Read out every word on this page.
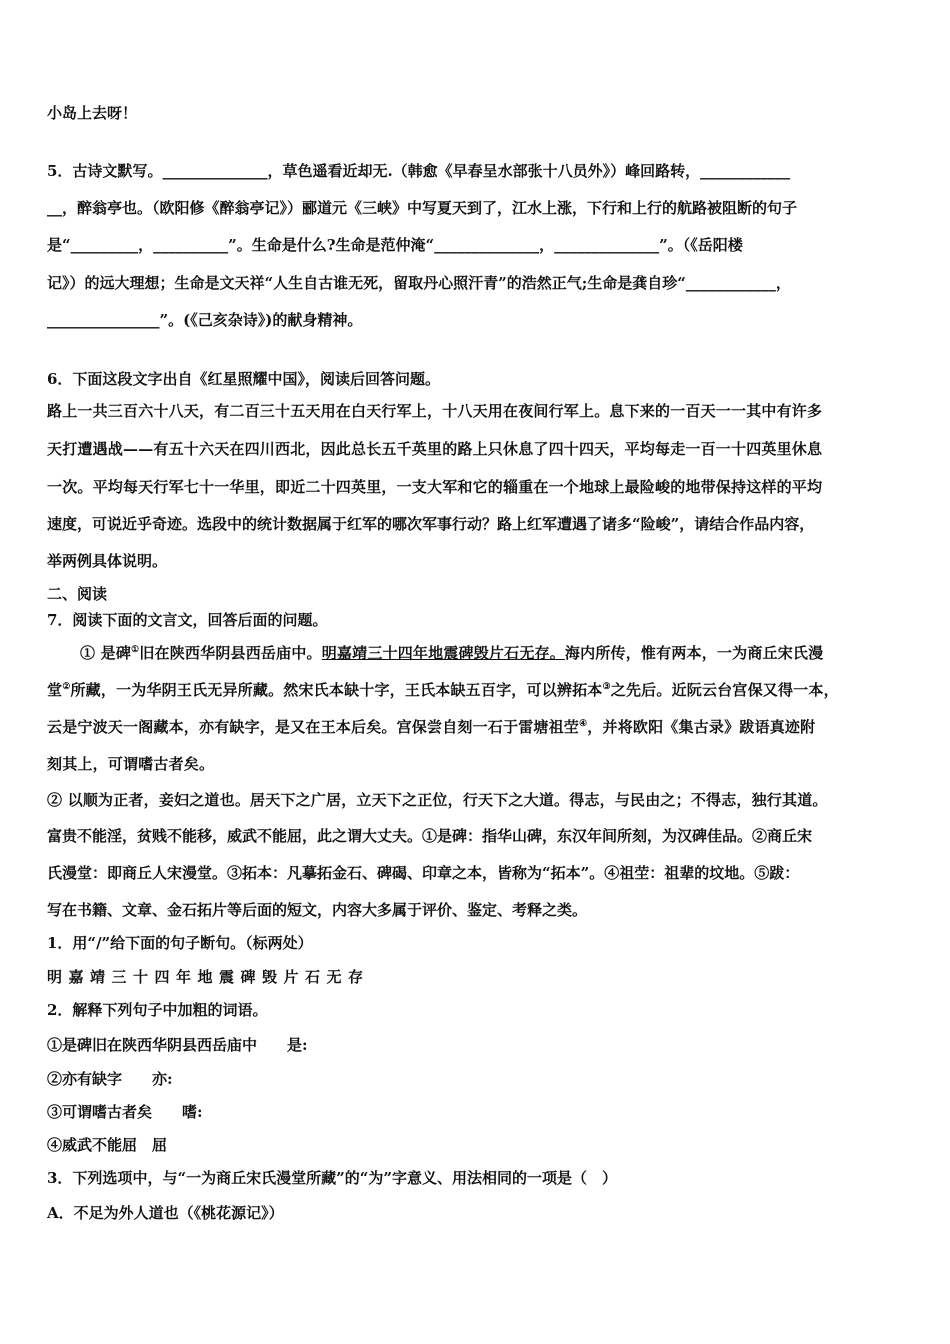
小岛上去呀！
5．古诗文默写。______________，草色遥看近却无.（韩愈《早春呈水部张十八员外》）峰回路转，____________
__，醉翁亭也。（欧阳修《醉翁亭记》）郦道元《三峡》中写夏天到了，江水上涨，下行和上行的航路被阻断的句子
是“_________，__________”。生命是什么?生命是范仲淹“______________，______________”。（《岳阳楼
记》）的远大理想；生命是文天祥“人生自古谁无死，留取丹心照汗青”的浩然正气;生命是龚自珍“____________，
_______________”。(《己亥杂诗》)的献身精神。
6．下面这段文字出自《红星照耀中国》，阅读后回答问题。
路上一共三百六十八天，有二百三十五天用在白天行军上，十八天用在夜间行军上。息下来的一百天一一其中有许多
天打遭遇战——有五十六天在四川西北，因此总长五千英里的路上只休息了四十四天，平均每走一百一十四英里休息
一次。平均每天行军七十一华里，即近二十四英里，一支大军和它的辎重在一个地球上最险峻的地带保持这样的平均
速度，可说近乎奇迹。选段中的统计数据属于红军的哪次军事行动？路上红军遭遇了诸多“险峻”，请结合作品内容，
举两例具体说明。
二、阅读
7．阅读下面的文言文，回答后面的问题。
① 是碑①旧在陕西华阴县西岳庙中。明嘉靖三十四年地震碑毁片石无存。海内所传，惟有两本，一为商丘宋氏漫
堂②所藏，一为华阴王氏无异所藏。然宋氏本缺十字，王氏本缺五百字，可以辨拓本③之先后。近阮云台宫保又得一本，
云是宁波天一阁藏本，亦有缺字，是又在王本后矣。宫保尝自刻一石于雷塘祖茔④，并将欧阳《集古录》跋语真迹附
刻其上，可谓嗜古者矣。
② 以顺为正者，妾妇之道也。居天下之广居，立天下之正位，行天下之大道。得志，与民由之；不得志，独行其道。
富贵不能淫，贫贱不能移，威武不能屈，此之谓大丈夫。①是碑：指华山碑，东汉年间所刻，为汉碑佳品。②商丘宋
氏漫堂：即商丘人宋漫堂。③拓本：凡摹拓金石、碑碣、印章之本，皆称为“拓本”。④祖茔：祖辈的坟地。⑤跋：
写在书籍、文章、金石拓片等后面的短文，内容大多属于评价、鉴定、考释之类。
1．用“/”给下面的句子断句。（标两处）
明嘉靖三十四年地震碑毁片石无存
2．解释下列句子中加粗的词语。
①是碑旧在陕西华阴县西岳庙中　　是:
②亦有缺字　　亦:
③可谓嗜古者矣　　嗜:
④威武不能屈　屈
3．下列选项中，与“一为商丘宋氏漫堂所藏”的“为”字意义、用法相同的一项是（　）
A．不足为外人道也（《桃花源记》）
